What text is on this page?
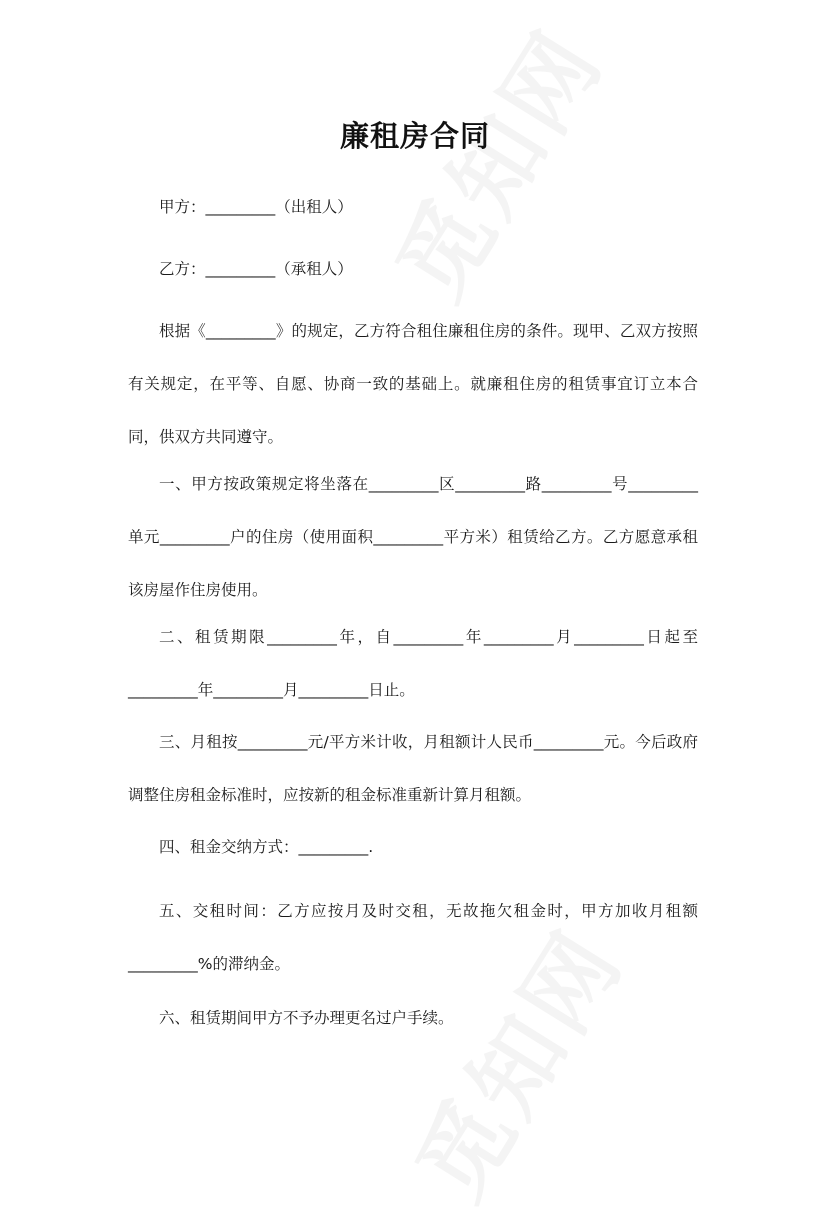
廉租房合同

甲方：_________（出租人）

乙方：_________（承租人）

根据《_________》的规定，乙方符合租住廉租住房的条件。现甲、乙双方按照有关规定，在平等、自愿、协商一致的基础上。就廉租住房的租赁事宜订立本合同，供双方共同遵守。

一、甲方按政策规定将坐落在_________区_________路_________号_________单元_________户的住房（使用面积_________平方米）租赁给乙方。乙方愿意承租该房屋作住房使用。

二、租赁期限_________年，自_________年_________月_________日起至_________年_________月_________日止。

三、月租按_________元/平方米计收，月租额计人民币_________元。今后政府调整住房租金标准时，应按新的租金标准重新计算月租额。

四、租金交纳方式：_________.

五、交租时间：乙方应按月及时交租，无故拖欠租金时，甲方加收月租额_________%的滞纳金。

六、租赁期间甲方不予办理更名过户手续。
